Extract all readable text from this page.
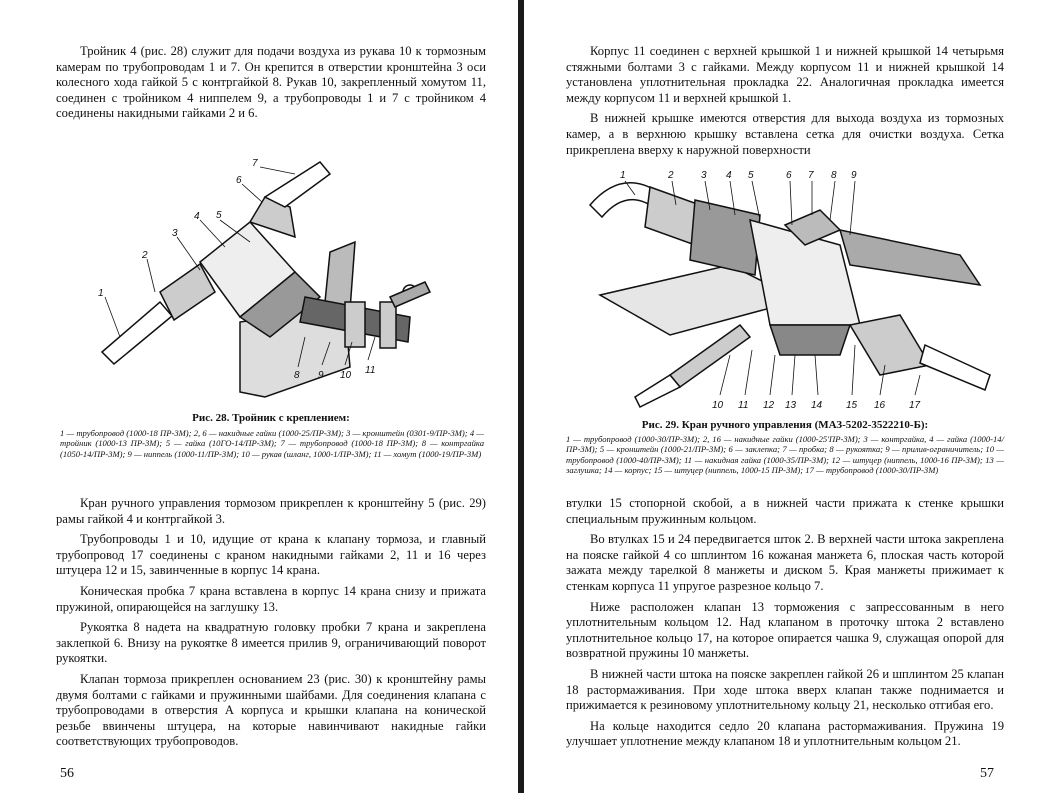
Тройник 4 (рис. 28) служит для подачи воздуха из рукава 10 к тормозным камерам по трубопроводам 1 и 7. Он крепится в отверстии кронштейна 3 оси колесного хода гайкой 5 с контргайкой 8. Рукав 10, закрепленный хомутом 11, соединен с тройником 4 ниппелем 9, а трубопроводы 1 и 7 с тройником 4 соединены накидными гайками 2 и 6.

1
2
3
4 5
6
7
8 9 10 11
Рис. 28. Тройник с креплением:
1 — трубопровод (1000-18 ПР-3М); 2, 6 — накидные гайки (1000-25/ПР-3М); 3 — кронштейн (0301-9/ПР-3М); 4 — тройник (1000-13 ПР-3М); 5 — гайка (10ГО-14/ПР-3М); 7 — трубопровод (1000-18 ПР-3М); 8 — контргайка (1050-14/ПР-3М); 9 — ниппель (1000-11/ПР-3М); 10 — рукав (шланг, 1000-1/ПР-3М); 11 — хомут (1000-19/ПР-3М)

Кран ручного управления тормозом прикреплен к кронштейну 5 (рис. 29) рамы гайкой 4 и контргайкой 3.

Трубопроводы 1 и 10, идущие от крана к клапану тормоза, и главный трубопровод 17 соединены с краном накидными гайками 2, 11 и 16 через штуцера 12 и 15, завинченные в корпус 14 крана.

Коническая пробка 7 крана вставлена в корпус 14 крана снизу и прижата пружиной, опирающейся на заглушку 13.

Рукоятка 8 надета на квадратную головку пробки 7 крана и закреплена заклепкой 6. Внизу на рукоятке 8 имеется прилив 9, ограничивающий поворот рукоятки.

Клапан тормоза прикреплен основанием 23 (рис. 30) к кронштейну рамы двумя болтами с гайками и пружинными шайбами. Для соединения клапана с трубопроводами в отверстия А корпуса и крышки клапана на конической резьбе ввинчены штуцера, на которые навинчивают накидные гайки соответствующих трубопроводов.

56

Корпус 11 соединен с верхней крышкой 1 и нижней крышкой 14 четырьмя стяжными болтами 3 с гайками. Между корпусом 11 и нижней крышкой 14 установлена уплотнительная прокладка 22. Аналогичная прокладка имеется между корпусом 11 и верхней крышкой 1.

В нижней крышке имеются отверстия для выхода воздуха из тормозных камер, а в верхнюю крышку вставлена сетка для очистки воздуха. Сетка прикреплена вверху к наружной поверхности

1	2	3 4 5	6 7 8 9
10 11 12 13 14 15 16 17
Рис. 29. Кран ручного управления (МАЗ-5202-3522210-Б):
1 — трубопровод (1000-30/ПР-3М); 2, 16 — накидные гайки (1000-25'ПР-3М); 3 — контргайка, 4 — гайка (1000-14/ПР-3М); 5 — кронштейн (1000-21/ПР-3М); 6 — заклепка; 7 — пробка; 8 — рукоятка; 9 — прилив-ограничитель; 10 — трубопровод (1000-40/ПР-3М); 11 — накидная гайка (1000-35/ПР-3М); 12 — штуцер (ниппель, 1000-16 ПР-3М); 13 — заглушка; 14 — корпус; 15 — штуцер (ниппель, 1000-15 ПР-3М); 17 — трубопровод (1000-30/ПР-3М)

втулки 15 стопорной скобой, а в нижней части прижата к стенке крышки специальным пружинным кольцом.

Во втулках 15 и 24 передвигается шток 2. В верхней части штока закреплена на пояске гайкой 4 со шплинтом 16 кожаная манжета 6, плоская часть которой зажата между тарелкой 8 манжеты и диском 5. Края манжеты прижимает к стенкам корпуса 11 упругое разрезное кольцо 7.

Ниже расположен клапан 13 торможения с запрессованным в него уплотнительным кольцом 12. Над клапаном в проточку штока 2 вставлено уплотнительное кольцо 17, на которое опирается чашка 9, служащая опорой для возвратной пружины 10 манжеты.

В нижней части штока на пояске закреплен гайкой 26 и шплинтом 25 клапан 18 растормаживания. При ходе штока вверх клапан также поднимается и прижимается к резиновому уплотнительному кольцу 21, несколько отгибая его.

На кольце находится седло 20 клапана растормаживания. Пружина 19 улучшает уплотнение между клапаном 18 и уплотнительным кольцом 21.

57
